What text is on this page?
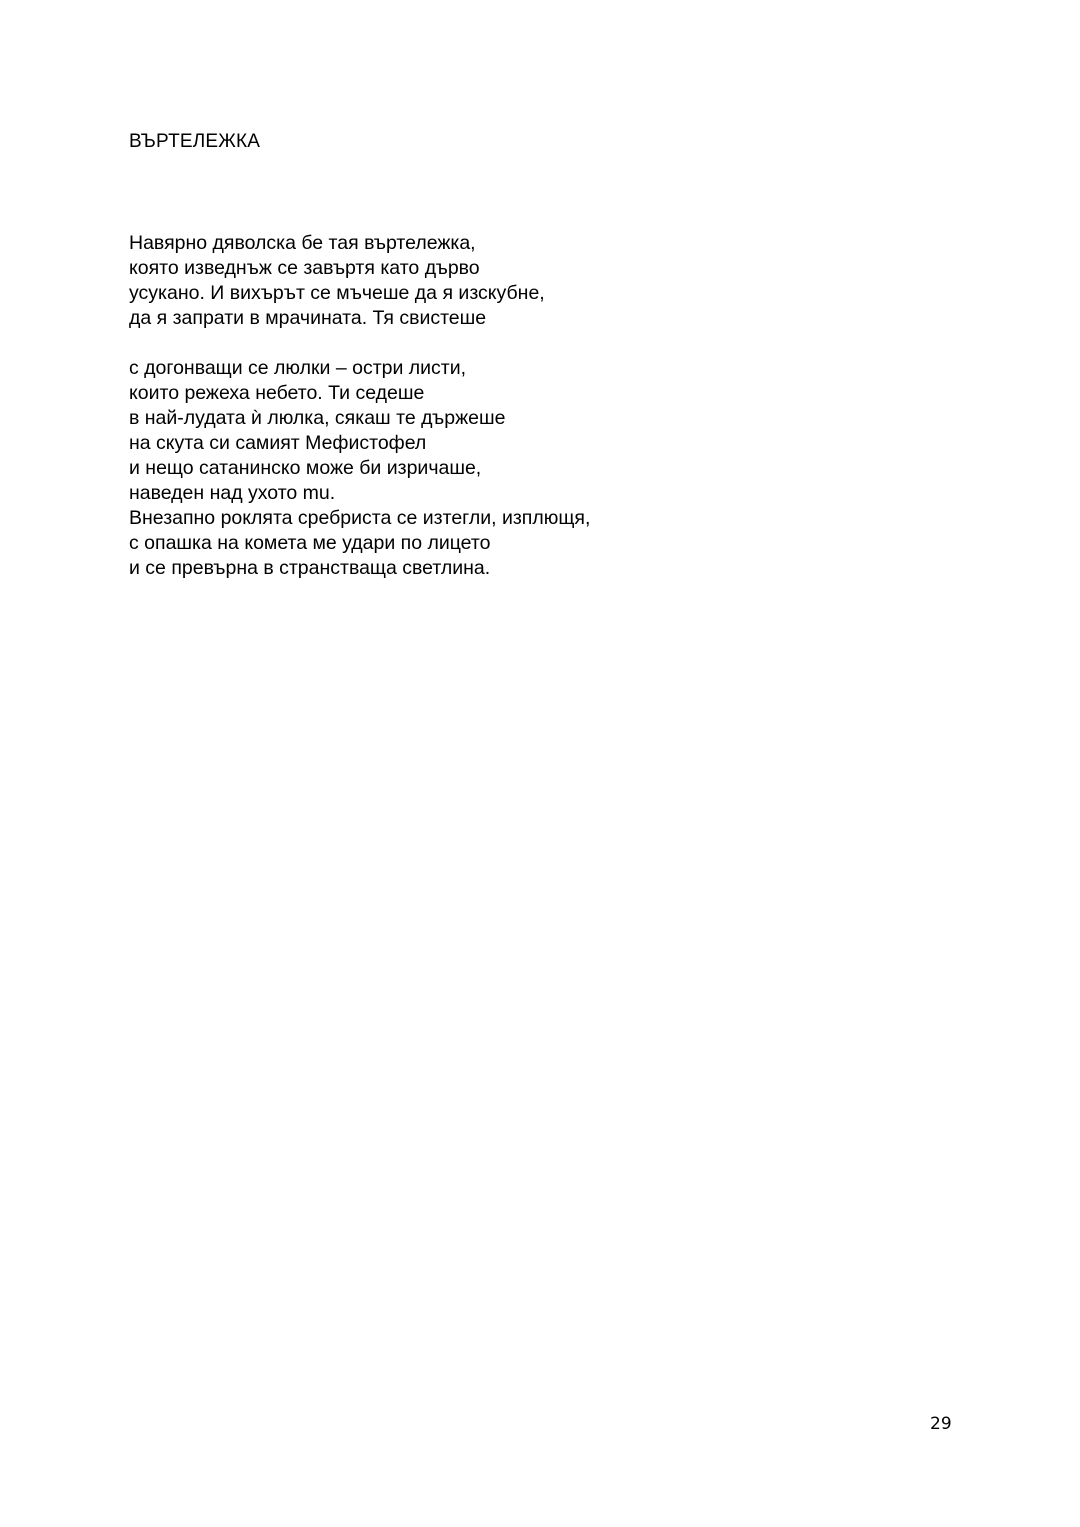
ВЪРТЕЛЕЖКА
Навярно дяволска бе тая въртележка,
която изведнъж се завъртя като дърво
усукано. И вихърът се мъчеше да я изскубне,
да я запрати в мрачината. Тя свистеше
с догонващи се люлки – остри листи,
които режеха небето. Ти седеше
в най-лудата ѝ люлка, сякаш те държеше
на скута си самият Мефистофел
и нещо сатанинско може би изричаше,
наведен над ухото mu.
Внезапно роклята сребриста се изтегли, изплющя,
с опашка на комета ме удари по лицето
и се превърна в странстваща светлина.
29
